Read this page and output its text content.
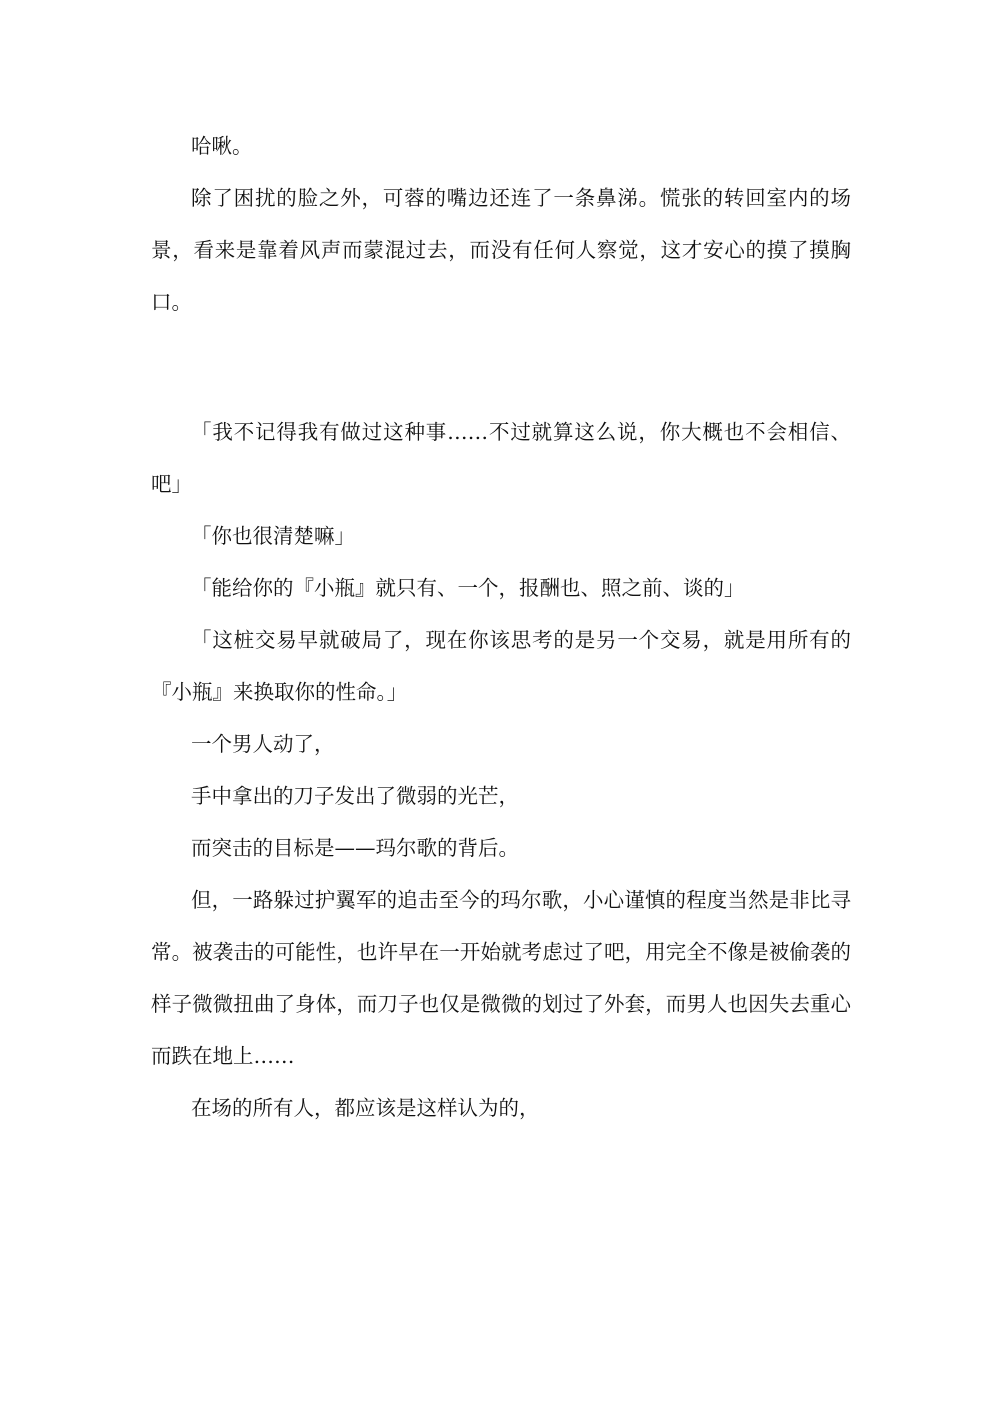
哈啾。

除了困扰的脸之外，可蓉的嘴边还连了一条鼻涕。慌张的转回室内的场景，看来是靠着风声而蒙混过去，而没有任何人察觉，这才安心的摸了摸胸口。

「我不记得我有做过这种事……不过就算这么说，你大概也不会相信、吧」

「你也很清楚嘛」

「能给你的『小瓶』就只有、一个，报酬也、照之前、谈的」

「这桩交易早就破局了，现在你该思考的是另一个交易，就是用所有的『小瓶』来换取你的性命。」

一个男人动了，

手中拿出的刀子发出了微弱的光芒，

而突击的目标是——玛尔歌的背后。

但，一路躲过护翼军的追击至今的玛尔歌，小心谨慎的程度当然是非比寻常。被袭击的可能性，也许早在一开始就考虑过了吧，用完全不像是被偷袭的样子微微扭曲了身体，而刀子也仅是微微的划过了外套，而男人也因失去重心而跌在地上……

在场的所有人，都应该是这样认为的，
